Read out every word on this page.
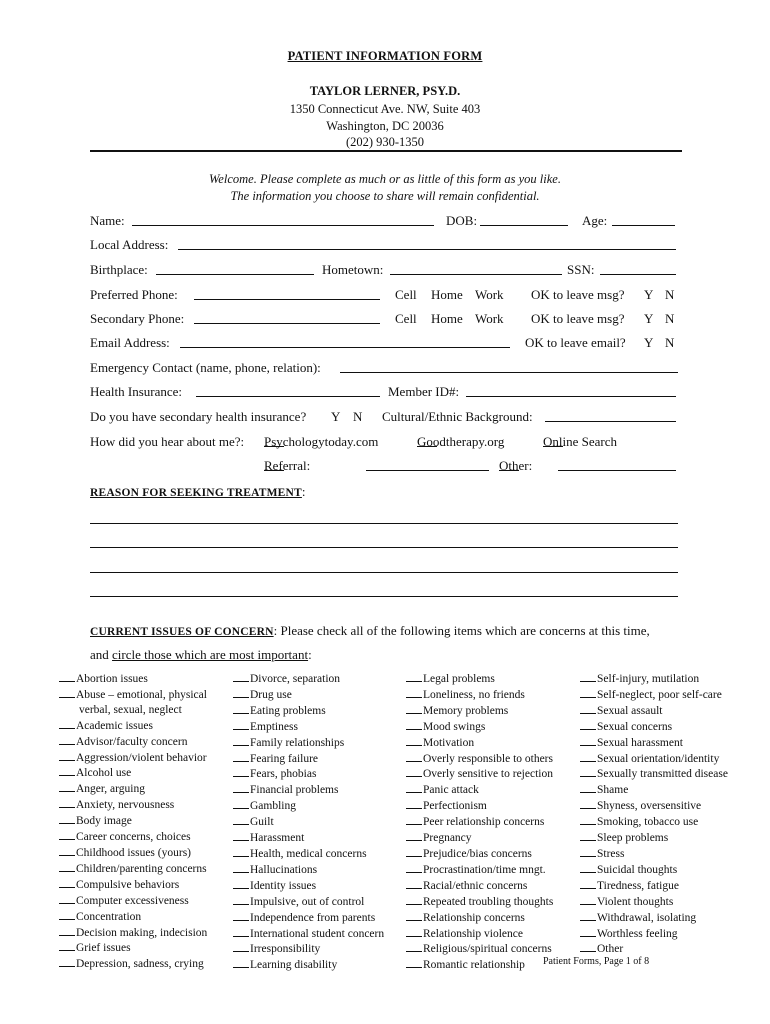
PATIENT INFORMATION FORM
TAYLOR LERNER, PSY.D.
1350 Connecticut Ave. NW, Suite 403
Washington, DC 20036
(202) 930-1350
Welcome. Please complete as much or as little of this form as you like.
The information you choose to share will remain confidential.
Name:	DOB:	Age:
Local Address:
Birthplace:	Hometown:	SSN:
Preferred Phone:	Cell Home Work OK to leave msg? Y N
Secondary Phone:	Cell Home Work OK to leave msg? Y N
Email Address:	OK to leave email? Y N
Emergency Contact (name, phone, relation):
Health Insurance:	Member ID#:
Do you have secondary health insurance? Y N Cultural/Ethnic Background:
How did you hear about me?: Psychologytoday.com	Goodtherapy.org	Online Search
Referral:	Other:
REASON FOR SEEKING TREATMENT:
CURRENT ISSUES OF CONCERN: Please check all of the following items which are concerns at this time,
and circle those which are most important:
Abortion issues
Abuse – emotional, physical
verbal, sexual, neglect
Academic issues
Advisor/faculty concern
Aggression/violent behavior
Alcohol use
Anger, arguing
Anxiety, nervousness
Body image
Career concerns, choices
Childhood issues (yours)
Children/parenting concerns
Compulsive behaviors
Computer excessiveness
Concentration
Decision making, indecision
Grief issues
Depression, sadness, crying
Divorce, separation
Drug use
Eating problems
Emptiness
Family relationships
Fearing failure
Fears, phobias
Financial problems
Gambling
Guilt
Harassment
Health, medical concerns
Hallucinations
Identity issues
Impulsive, out of control
Independence from parents
International student concern
Irresponsibility
Learning disability
Legal problems
Loneliness, no friends
Memory problems
Mood swings
Motivation
Overly responsible to others
Overly sensitive to rejection
Panic attack
Perfectionism
Peer relationship concerns
Pregnancy
Prejudice/bias concerns
Procrastination/time mngt.
Racial/ethnic concerns
Repeated troubling thoughts
Relationship concerns
Relationship violence
Religious/spiritual concerns
Romantic relationship
Self-injury, mutilation
Self-neglect, poor self-care
Sexual assault
Sexual concerns
Sexual harassment
Sexual orientation/identity
Sexually transmitted disease
Shame
Shyness, oversensitive
Smoking, tobacco use
Sleep problems
Stress
Suicidal thoughts
Tiredness, fatigue
Violent thoughts
Withdrawal, isolating
Worthless feeling
Other
Patient Forms, Page 1 of 8
